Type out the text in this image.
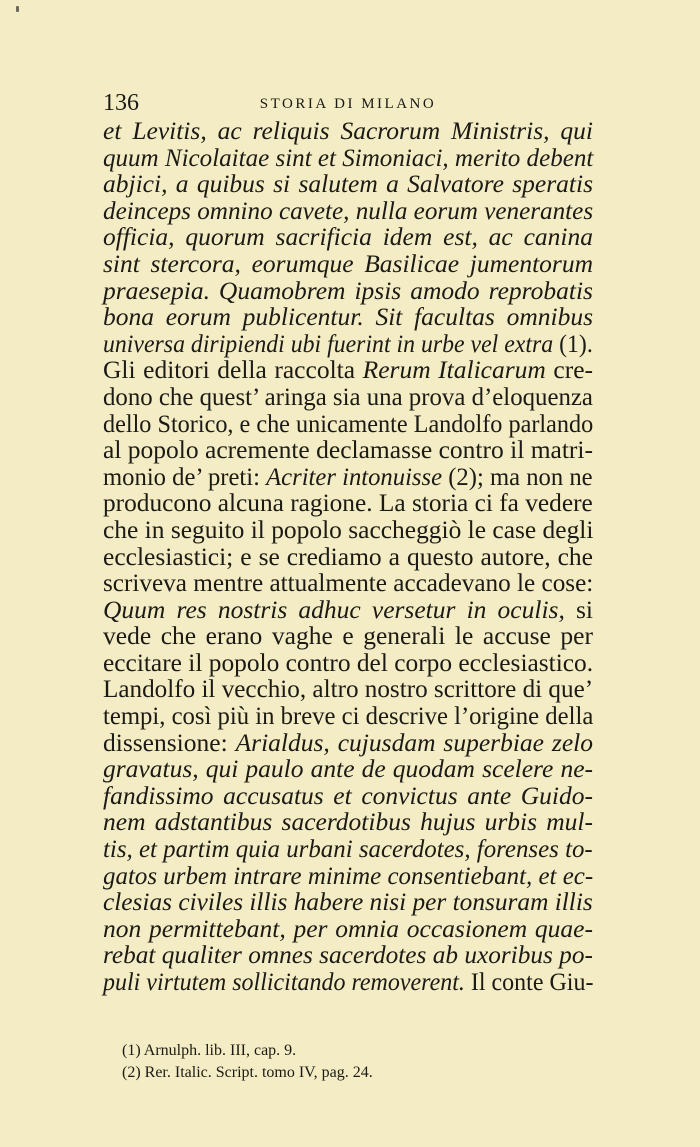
136	STORIA DI MILANO
et Levitis, ac reliquis Sacrorum Ministris, qui
quum Nicolaitae sint et Simoniaci, merito debent
abjici, a quibus si salutem a Salvatore speratis
deinceps omnino cavete, nulla eorum venerantes
officia, quorum sacrificia idem est, ac canina
sint stercora, eorumque Basilicae jumentorum
praesepia. Quamobrem ipsis amodo reprobatis
bona eorum publicentur. Sit facultas omnibus
universa diripiendi ubi fuerint in urbe vel extra (1).
Gli editori della raccolta Rerum Italicarum cre-
dono che quest’ aringa sia una prova d’eloquenza
dello Storico, e che unicamente Landolfo parlando
al popolo acremente declamasse contro il matri-
monio de’ preti: Acriter intonuisse (2); ma non ne
producono alcuna ragione. La storia ci fa vedere
che in seguito il popolo saccheggiò le case degli
ecclesiastici; e se crediamo a questo autore, che
scriveva mentre attualmente accadevano le cose:
Quum res nostris adhuc versetur in oculis, si
vede che erano vaghe e generali le accuse per
eccitare il popolo contro del corpo ecclesiastico.
Landolfo il vecchio, altro nostro scrittore di que’
tempi, così più in breve ci descrive l’origine della
dissensione: Arialdus, cujusdam superbiae zelo
gravatus, qui paulo ante de quodam scelere ne-
fandissimo accusatus et convictus ante Guido-
nem adstantibus sacerdotibus hujus urbis mul-
tis, et partim quia urbani sacerdotes, forenses to-
gatos urbem intrare minime consentiebant, et ec-
clesias civiles illis habere nisi per tonsuram illis
non permittebant, per omnia occasionem quae-
rebat qualiter omnes sacerdotes ab uxoribus po-
puli virtutem sollicitando removerent. Il conte Giu-
(1) Arnulph. lib. III, cap. 9.
(2) Rer. Italic. Script. tomo IV, pag. 24.
